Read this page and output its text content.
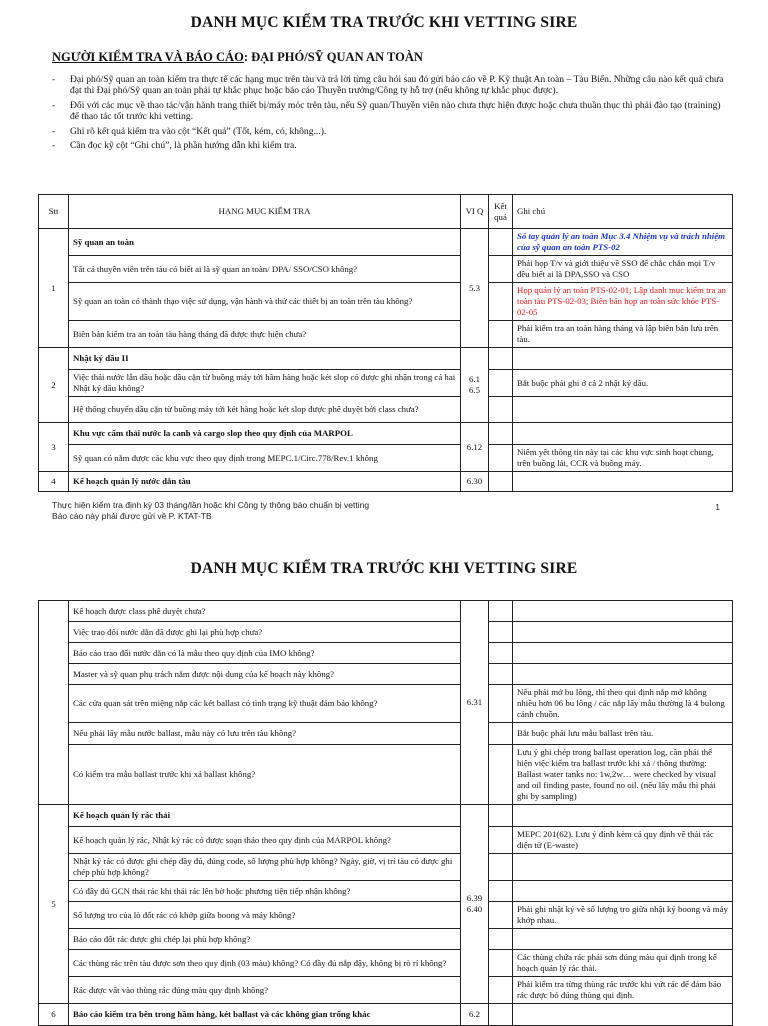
DANH MỤC KIỂM TRA TRƯỚC KHI VETTING SIRE
NGƯỜI KIỂM TRA VÀ BÁO CÁO: ĐẠI PHÓ/SỸ QUAN AN TOÀN
- Đại phó/Sỹ quan an toàn kiểm tra thực tế các hạng mục trên tàu và trả lời từng câu hỏi sau đó gửi báo cáo về P. Kỹ thuật An toàn – Tàu Biển. Những câu nào kết quả chưa đạt thì Đại phó/Sỹ quan an toàn phải tự khắc phục hoặc báo cáo Thuyền trưởng/Công ty hỗ trợ (nếu không tự khắc phục được).
- Đối với các mục về thao tác/vận hành trang thiết bị/máy móc trên tàu, nếu Sỹ quan/Thuyền viên nào chưa thực hiện được hoặc chưa thuần thục thì phải đào tạo (training) để thao tác tốt trước khi vetting.
- Ghi rõ kết quả kiểm tra vào cột “Kết quả” (Tốt, kém, có, không...).
- Cần đọc kỹ cột “Ghi chú”, là phần hướng dẫn khi kiểm tra.
Stt	HẠNG MỤC KIỂM TRA	VI Q	Kết quả	Ghi chú
1	Sỹ quan an toàn	5.3		Sổ tay quản lý an toàn Mục 3.4 Nhiệm vụ và trách nhiệm của sỹ quan an toàn PTS-02
	Tất cả thuyền viên trên tàu có biết ai là sỹ quan an toàn/ DPA/ SSO/CSO không?			Phải họp T/v và giới thiệu về SSO để chắc chắn mọi T/v đều biết ai là DPA,SSO và CSO
	Sỹ quan an toàn có thành thạo việc sử dụng, vận hành và thử các thiết bị an toàn trên tàu không?			Họp quản lý an toàn PTS-02-01; Lập danh mục kiểm tra an toàn tàu PTS-02-03; Biên bản họp an toàn sức khỏe PTS-02-05
	Biên bản kiểm tra an toàn tàu hàng tháng đã được thực hiện chưa?			Phải kiểm tra an toàn hàng tháng và lập biên bản lưu trên tàu.
2	Nhật ký dầu II	6.1
6.5		
	Việc thải nước lẫn dầu hoặc dầu cặn từ buồng máy tới hầm hàng hoặc két slop có được ghi nhận trong cả hai Nhật ký dầu không?			Bắt buộc phải ghi ở cả 2 nhật ký dầu.
	Hệ thống chuyển dầu cặn từ buồng máy tới két hàng hoặc két slop được phê duyệt bởi class chưa?			
3	Khu vực cấm thải nước la canh và cargo slop theo quy định của MARPOL	6.12		
	Sỹ quan có nắm được các khu vực theo quy định trong MEPC.1/Circ.778/Rev.1 không			Niêm yết thông tin này tại các khu vực sinh hoạt chung, trên buồng lái, CCR và buồng máy.
4	Kế hoạch quản lý nước dằn tàu	6.30		
Thực hiện kiểm tra định kỳ 03 tháng/lần hoặc khi Công ty thông báo chuẩn bị vetting
Báo cáo này phải được gửi về P. KTAT-TB
1
DANH MỤC KIỂM TRA TRƯỚC KHI VETTING SIRE
	Kế hoạch được class phê duyệt chưa?	6.31		
	Việc trao đổi nước dằn đã được ghi lại phù hợp chưa?			
	Báo cáo trao đổi nước dằn có là mẫu theo quy định của IMO không?			
	Master và sỹ quan phụ trách nắm được nội dung của kế hoạch này không?			
	Các cửa quan sát trên miệng nắp các két ballast có tình trạng kỹ thuật đảm bảo không?			Nếu phải mở bu lông, thì theo qui định nắp mở không nhiều hơn 06 bu lông / các nắp lấy mẫu thường là 4 bulong cánh chuồn.
	Nếu phải lấy mẫu nước ballast, mẫu này có lưu trên tàu không?			Bắt buộc phải lưu mẫu ballast trên tàu.
	Có kiểm tra mẫu ballast trước khi xả ballast không?			Lưu ý ghi chép trong ballast operation log, cần phải thể hiện việc kiểm tra ballast trước khi xả / thông thường: Ballast water tanks no: 1w,2w… were checked by visual and oil finding paste, found no oil. (nếu lấy mẫu thì phải ghi by sampling)
5	Kế hoạch quản lý rác thải	6.39
6.40		
	Kế hoạch quản lý rác, Nhật ký rác có được soạn thảo theo quy định của MARPOL không?			MEPC 201(62). Lưu ý đính kèm cả quy định về thải rác điện tử (E-waste)
	Nhật ký rác có được ghi chép đầy đủ, đúng code, số lượng phù hợp không? Ngày, giờ, vị trí tàu có được ghi chép phù hợp không?			
	Có đầy đủ GCN thải rác khi thải rác lên bờ hoặc phương tiện tiếp nhận không?			
	Số lượng tro của lò đốt rác có khớp giữa boong và máy không?			Phải ghi nhật ký về số lượng tro giữa nhật ký boong và máy khớp nhau.
	Báo cáo đốt rác được ghi chép lại phù hợp không?			
	Các thùng rác trên tàu được sơn theo quy định (03 màu) không? Có đầy đủ nắp đậy, không bị rò rỉ không?			Các thùng chứa rác phải sơn đúng màu qui định trong kế hoạch quản lý rác thải.
	Rác được vất vào thùng rác đúng màu quy định không?			Phải kiểm tra từng thùng rác trước khi vứt rác để đảm bảo rác được bỏ đúng thùng qui định.
6	Báo cáo kiểm tra bên trong hầm hàng, két ballast và các không gian trống khác	6.2		
